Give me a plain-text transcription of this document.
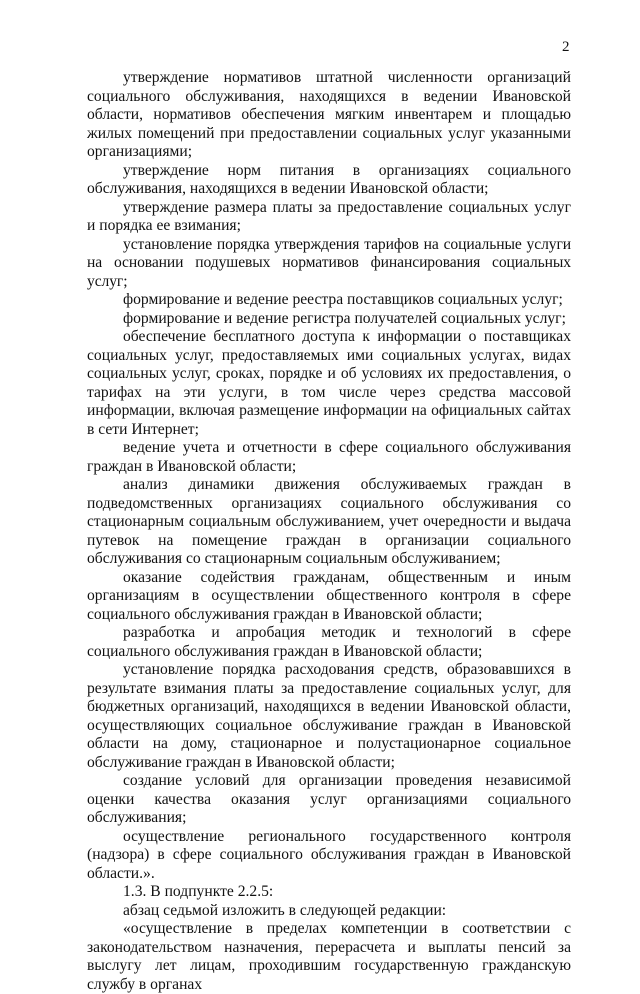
2

утверждение нормативов штатной численности организаций социального обслуживания, находящихся в ведении Ивановской области, нормативов обеспечения мягким инвентарем и площадью жилых помещений при предоставлении социальных услуг указанными организациями;

утверждение норм питания в организациях социального обслуживания, находящихся в ведении Ивановской области;

утверждение размера платы за предоставление социальных услуг и порядка ее взимания;

установление порядка утверждения тарифов на социальные услуги на основании подушевых нормативов финансирования социальных услуг;

формирование и ведение реестра поставщиков социальных услуг;

формирование и ведение регистра получателей социальных услуг;

обеспечение бесплатного доступа к информации о поставщиках социальных услуг, предоставляемых ими социальных услугах, видах социальных услуг, сроках, порядке и об условиях их предоставления, о тарифах на эти услуги, в том числе через средства массовой информации, включая размещение информации на официальных сайтах в сети Интернет;

ведение учета и отчетности в сфере социального обслуживания граждан в Ивановской области;

анализ динамики движения обслуживаемых граждан в подведомственных организациях социального обслуживания со стационарным социальным обслуживанием, учет очередности и выдача путевок на помещение граждан в организации социального обслуживания со стационарным социальным обслуживанием;

оказание содействия гражданам, общественным и иным организациям в осуществлении общественного контроля в сфере социального обслуживания граждан в Ивановской области;

разработка и апробация методик и технологий в сфере социального обслуживания граждан в Ивановской области;

установление порядка расходования средств, образовавшихся в результате взимания платы за предоставление социальных услуг, для бюджетных организаций, находящихся в ведении Ивановской области, осуществляющих социальное обслуживание граждан в Ивановской области на дому, стационарное и полустационарное социальное обслуживание граждан в Ивановской области;

создание условий для организации проведения независимой оценки качества оказания услуг организациями социального обслуживания;

осуществление регионального государственного контроля (надзора) в сфере социального обслуживания граждан в Ивановской области.».

1.3. В подпункте 2.2.5:

абзац седьмой изложить в следующей редакции:

«осуществление в пределах компетенции в соответствии с законодательством назначения, перерасчета и выплаты пенсий за выслугу лет лицам, проходившим государственную гражданскую службу в органах
